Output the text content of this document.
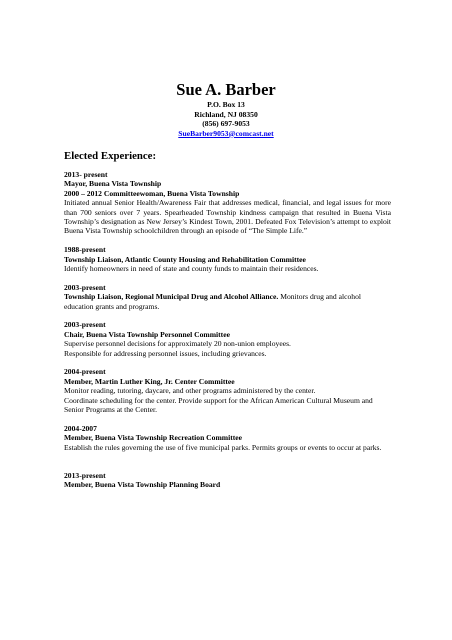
Sue A. Barber
P.O. Box 13
Richland, NJ 08350
(856) 697-9053
SueBarber9053@comcast.net
Elected Experience:
2013- present
Mayor, Buena Vista Township
2000 – 2012 Committeewoman, Buena Vista Township
Initiated annual Senior Health/Awareness Fair that addresses medical, financial, and legal issues for more than 700 seniors over 7 years. Spearheaded Township kindness campaign that resulted in Buena Vista Township’s designation as New Jersey’s Kindest Town, 2001. Defeated Fox Television’s attempt to exploit Buena Vista Township schoolchildren through an episode of “The Simple Life.”
1988-present
Township Liaison, Atlantic County Housing and Rehabilitation Committee
Identify homeowners in need of state and county funds to maintain their residences.
2003-present
Township Liaison, Regional Municipal Drug and Alcohol Alliance. Monitors drug and alcohol education grants and programs.
2003-present
Chair, Buena Vista Township Personnel Committee
Supervise personnel decisions for approximately 20 non-union employees.
Responsible for addressing personnel issues, including grievances.
2004-present
Member, Martin Luther King, Jr. Center Committee
Monitor reading, tutoring, daycare, and other programs administered by the center.
Coordinate scheduling for the center. Provide support for the African American Cultural Museum and Senior Programs at the Center.
2004-2007
Member, Buena Vista Township Recreation Committee
Establish the rules governing the use of five municipal parks. Permits groups or events to occur at parks.
2013-present
Member, Buena Vista Township Planning Board
